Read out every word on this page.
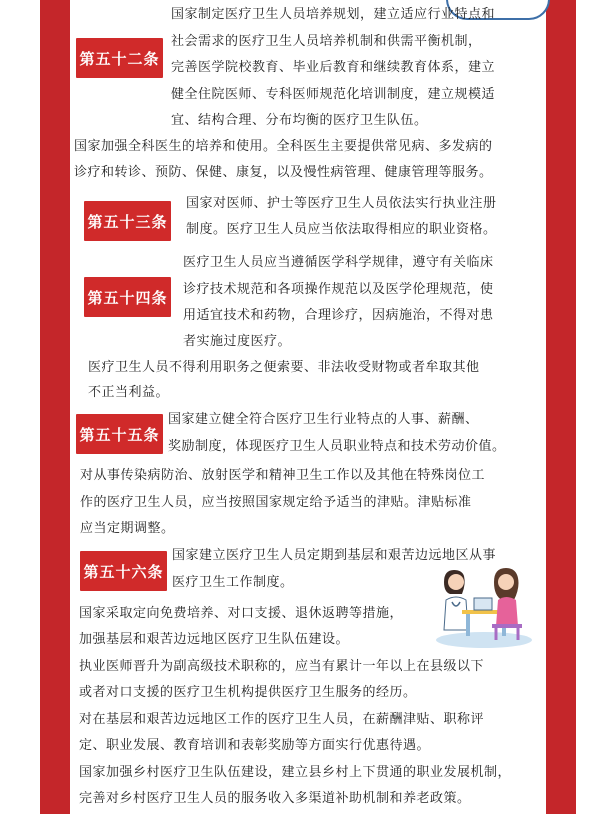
第五十二条
国家制定医疗卫生人员培养规划，建立适应行业特点和
社会需求的医疗卫生人员培养机制和供需平衡机制，
完善医学院校教育、毕业后教育和继续教育体系，建立
健全住院医师、专科医师规范化培训制度，建立规模适
宜、结构合理、分布均衡的医疗卫生队伍。
国家加强全科医生的培养和使用。全科医生主要提供常见病、多发病的
诊疗和转诊、预防、保健、康复，以及慢性病管理、健康管理等服务。
第五十三条
国家对医师、护士等医疗卫生人员依法实行执业注册
制度。医疗卫生人员应当依法取得相应的职业资格。
第五十四条
医疗卫生人员应当遵循医学科学规律，遵守有关临床
诊疗技术规范和各项操作规范以及医学伦理规范，使
用适宜技术和药物，合理诊疗，因病施治，不得对患
者实施过度医疗。
医疗卫生人员不得利用职务之便索要、非法收受财物或者牟取其他
不正当利益。
第五十五条
国家建立健全符合医疗卫生行业特点的人事、薪酬、
奖励制度，体现医疗卫生人员职业特点和技术劳动价值。
对从事传染病防治、放射医学和精神卫生工作以及其他在特殊岗位工
作的医疗卫生人员，应当按照国家规定给予适当的津贴。津贴标准
应当定期调整。
第五十六条
国家建立医疗卫生人员定期到基层和艰苦边远地区从事
医疗卫生工作制度。
国家采取定向免费培养、对口支援、退休返聘等措施，
加强基层和艰苦边远地区医疗卫生队伍建设。
执业医师晋升为副高级技术职称的，应当有累计一年以上在县级以下
或者对口支援的医疗卫生机构提供医疗卫生服务的经历。
对在基层和艰苦边远地区工作的医疗卫生人员，在薪酬津贴、职称评
定、职业发展、教育培训和表彰奖励等方面实行优惠待遇。
国家加强乡村医疗卫生队伍建设，建立县乡村上下贯通的职业发展机制，
完善对乡村医疗卫生人员的服务收入多渠道补助机制和养老政策。
